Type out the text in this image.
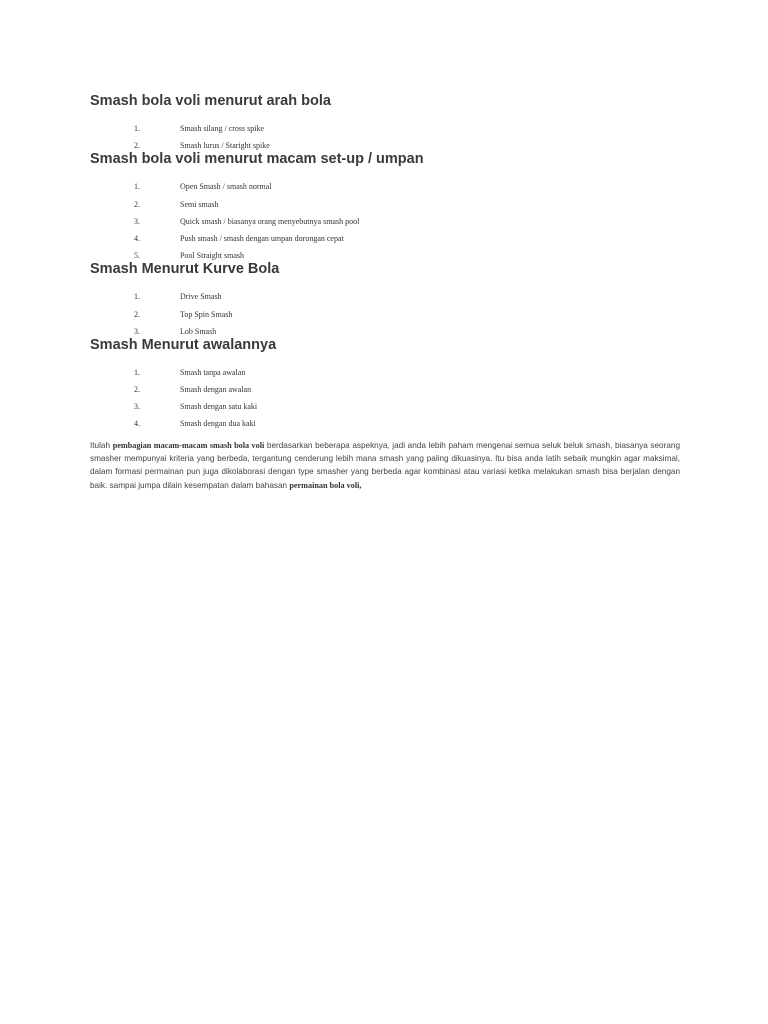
Smash bola voli menurut arah bola
1.	Smash silang / cross spike
2.	Smash lurus / Staright spike
Smash bola voli menurut macam set-up / umpan
1.	Open Smash / smash normal
2.	Semi smash
3.	Quick smash / biasanya orang menyebutnya smash pool
4.	Push smash / smash dengan umpan dorongan cepat
5.	Pool Straight smash
Smash Menurut Kurve Bola
1.	Drive Smash
2.	Top Spin Smash
3.	Lob Smash
Smash Menurut awalannya
1.	Smash tanpa awalan
2.	Smash dengan awalan
3.	Smash dengan satu kaki
4.	Smash dengan dua kaki

Itulah pembagian macam-macam smash bola voli berdasarkan beberapa aspeknya, jadi anda lebih paham mengenai semua seluk beluk smash, biasanya seorang smasher mempunyai kriteria yang berbeda, tergantung cenderung lebih mana smash yang paling dikuasinya. Itu bisa anda latih sebaik mungkin agar maksimal, dalam formasi permainan pun juga dikolaborasi dengan type smasher yang berbeda agar kombinasi atau variasi ketika melakukan smash bisa berjalan dengan baik. sampai jumpa dilain kesempatan dalam bahasan permainan bola voli,
